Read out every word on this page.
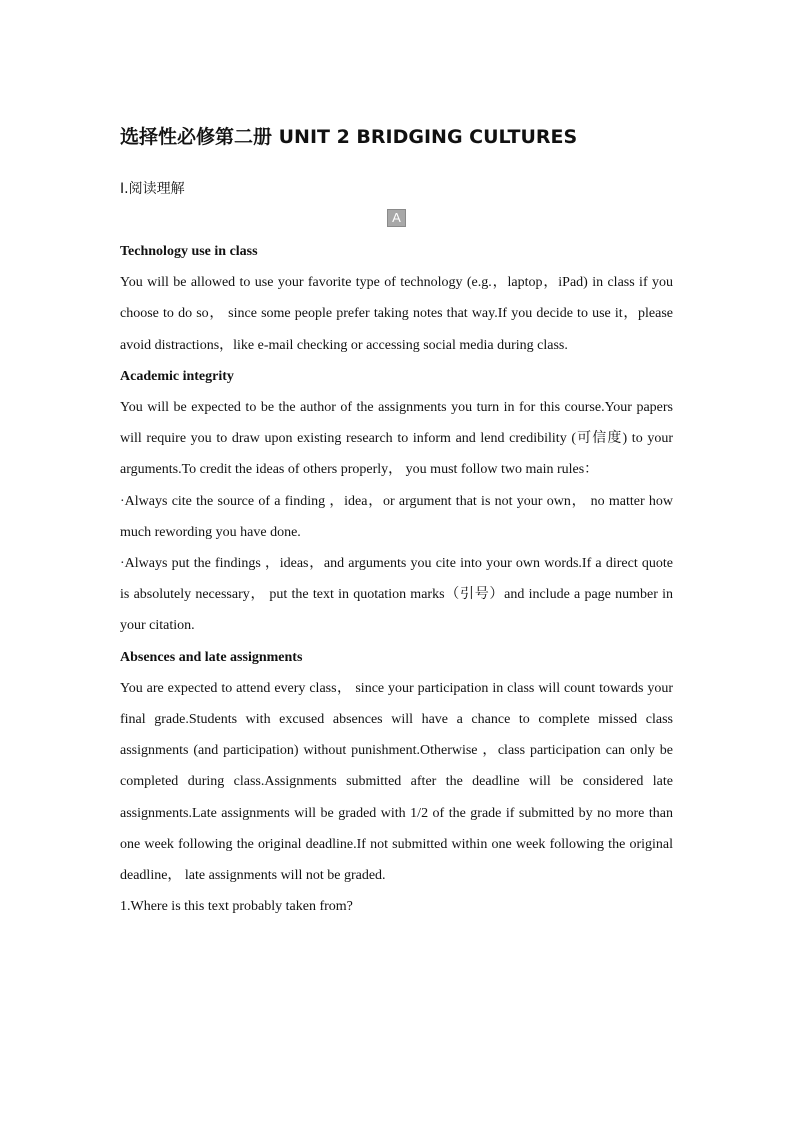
选择性必修第二册 UNIT 2 BRIDGING CULTURES
Ⅰ.阅读理解
A

Technology use in class

You will be allowed to use your favorite type of technology (e.g.，laptop，iPad) in class if you choose to do so， since some people prefer taking notes that way.If you decide to use it，please avoid distractions，like e-mail checking or accessing social media during class.

Academic integrity

You will be expected to be the author of the assignments you turn in for this course.Your papers will require you to draw upon existing research to inform and lend credibility (可信度) to your arguments.To credit the ideas of others properly， you must follow two main rules：

·Always cite the source of a finding ，idea，or argument that is not your own， no matter how much rewording you have done.

·Always put the findings ，ideas，and arguments you cite into your own words.If a direct quote is absolutely necessary， put the text in quotation marks（引号）and include a page number in your citation.

Absences and late assignments

You are expected to attend every class， since your participation in class will count towards your final grade.Students with excused absences will have a chance to complete missed class assignments (and participation) without punishment.Otherwise ，class participation can only be completed during class.Assignments submitted after the deadline will be considered late assignments.Late assignments will be graded with 1/2 of the grade if submitted by no more than one week following the original deadline.If not submitted within one week following the original deadline， late assignments will not be graded.

1.Where is this text probably taken from?
